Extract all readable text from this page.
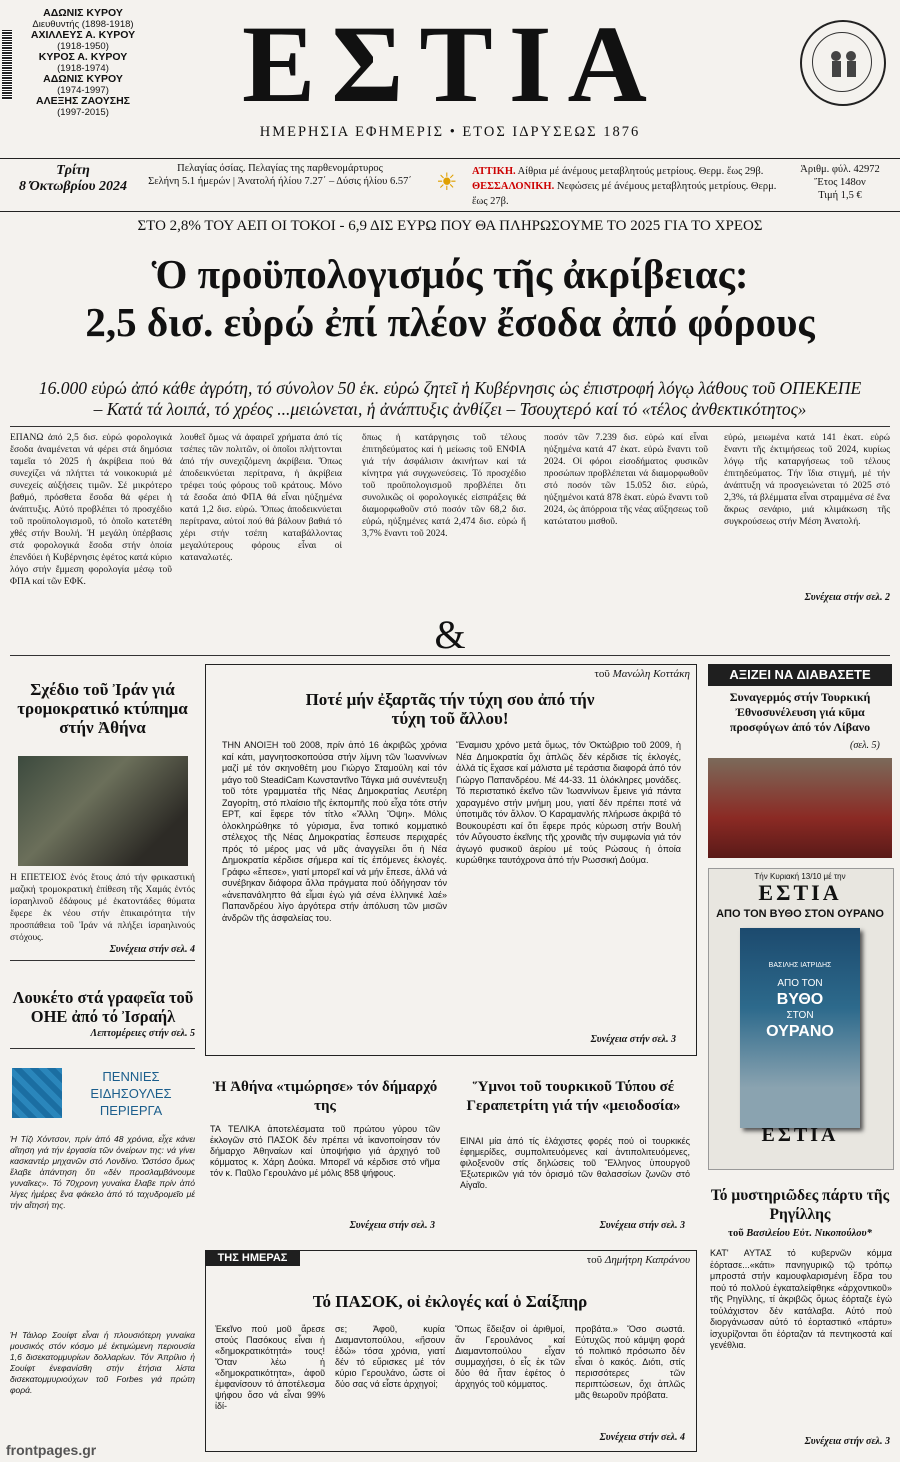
ΑΔΩΝΙΣ ΚΥΡΟΥ
Διευθυντής (1898-1918)
ΑΧΙΛΛΕΥΣ Α. ΚΥΡΟΥ
(1918-1950)
ΚΥΡΟΣ Α. ΚΥΡΟΥ
(1918-1974)
ΑΔΩΝΙΣ ΚΥΡΟΥ
(1974-1997)
ΑΛΕΞΗΣ ΖΑΟΥΣΗΣ
(1997-2015)	ΕΣΤΙΑ
ΗΜΕΡΗΣΙΑ ΕΦΗΜΕΡΙΣ • ΕΤΟΣ ΙΔΡΥΣΕΩΣ 1876
Τρίτη
8 Όκτωβρίου 2024
Πελαγίας όσίας. Πελαγίας της παρθενομάρτυρος
Σελήνη 5.1 ήμερών | Ἀνατολή ήλίου 7.27΄ – Δύσις ήλίου 6.57΄	☀ ΑΤΤΙΚΗ. Αίθρια μέ άνέμους μεταβλητούς μετρίους. Θερμ. ἕως 29β.
ΘΕΣΣΑΛΟΝΙΚΗ. Νεφώσεις μέ άνέμους μεταβλητούς μετρίους. Θερμ. ἕως 27β.
Ἀριθμ. φύλ. 42972
Ἔτος 148ον
Τιμή 1,5 €
ΣΤΟ 2,8% ΤΟΥ ΑΕΠ ΟΙ ΤΟΚΟΙ - 6,9 ΔΙΣ ΕΥΡΩ ΠΟΥ ΘΑ ΠΛΗΡΩΣΟΥΜΕ ΤΟ 2025 ΓΙΑ ΤΟ ΧΡΕΟΣ
Ὁ προϋπολογισμός τῆς ἀκρίβειας:
2,5 δισ. εὐρώ ἐπί πλέον ἔσοδα ἀπό φόρους
16.000 εὐρώ ἀπό κάθε ἀγρότη, τό σύνολον 50 ἑκ. εὐρώ ζητεῖ ἡ Κυβέρνησις ὡς ἐπιστροφή λόγῳ λάθους τοῦ ΟΠΕΚΕΠΕ
– Κατά τά λοιπά, τό χρέος ...μειώνεται, ἡ ἀνάπτυξις ἀνθίζει – Τσουχτερό καί τό «τέλος ἀνθεκτικότητος»
ΕΠΑΝΩ ἀπό 2,5 δισ. εὐρώ φορολογικά ἔσοδα ἀναμένεται νά φέρει στά δημόσια ταμεῖα τό 2025 ἡ ἀκρίβεια πού θά συνεχίζει νά πλήττει τά νοικοκυριά μέ συνεχείς αὐξήσεις τιμῶν. Σέ μικρότερο βαθμό, πρόσθετα ἔσοδα θά φέρει ἡ ἀνάπτυξις. Αὐτό προβλέπει τό προσχέδιο τοῦ προϋπολογισμοῦ, τό ὁποῖο κατετέθη χθές στήν Βουλή. Ἡ μεγάλη ὑπέρβασις στά φορολογικά ἔσοδα στήν ὁποία ἐπενδύει ἡ Κυβέρνησις ἐφέτος κατά κύριο λόγο στήν ἔμμεση φορολογία μέσῳ τοῦ ΦΠΑ καί τῶν ΕΦΚ.
λουθεῖ ὅμως νά ἀφαιρεῖ χρήματα ἀπό τίς τσέπες τῶν πολιτῶν, οἱ ὁποῖοι πλήττονται ἀπό τήν συνεχιζόμενη ἀκρίβεια. Ὅπως ἀποδεικνύεται περίτρανα, ἡ ἀκρίβεια τρέφει τούς φόρους τοῦ κράτους. Μόνο τά ἔσοδα ἀπό ΦΠΑ θά εἶναι ηὐξημένα κατά 1,2 δισ. εὐρώ. Ὅπως ἀποδεικνύεται περίτρανα, αὐτοί πού θά βάλουν βαθιά τό χέρι στήν τσέπη καταβάλλοντας μεγαλύτερους φόρους εἶναι οἱ καταναλωτές.
ὅπως ἡ κατάργησις τοῦ τέλους ἐπιτηδεύματος καί ἡ μείωσις τοῦ ΕΝΦΙΑ γιά τήν ἀσφάλισιν ἀκινήτων καί τά κίνητρα γιά συγχωνεύσεις. Τό προσχέδιο τοῦ προϋπολογισμοῦ προβλέπει ὅτι συνολικῶς οἱ φορολογικές εἰσπράξεις θά διαμορφωθοῦν στό ποσόν τῶν 68,2 δισ. εὐρώ, ηὐξημένες κατά 2,474 δισ. εὐρώ ἤ 3,7% ἔναντι τοῦ 2024.
ποσόν τῶν 7.239 δισ. εὐρώ καί εἶναι ηὐξημένα κατά 47 ἑκατ. εὐρώ ἔναντι τοῦ 2024. Οἱ φόροι εἰσοδήματος φυσικῶν προσώπων προβλέπεται νά διαμορφωθοῦν στό ποσόν τῶν 15.052 δισ. εὐρώ, ηὐξημένοι κατά 878 ἑκατ. εὐρώ ἔναντι τοῦ 2024, ὡς ἀπόρροια τῆς νέας αὔξησεως τοῦ κατώτατου μισθοῦ.
εὐρώ, μειωμένα κατά 141 ἑκατ. εὐρώ ἔναντι τῆς ἐκτιμήσεως τοῦ 2024, κυρίως λόγῳ τῆς καταργήσεως τοῦ τέλους ἐπιτηδεύματος. Τήν ἴδια στιγμή, μέ τήν ἀνάπτυξη νά προσγειώνεται τό 2025 στό 2,3%, τά βλέμματα εἶναι στραμμένα σέ ἕνα ἄκρως σενάριο, μιά κλιμάκωση τῆς συγκρούσεως στήν Μέση Ἀνατολή.
Συνέχεια στήν σελ. 2
&
Σχέδιο τοῦ Ἰράν γιά τρομοκρατικό κτύπημα στήν Ἀθήνα
Η ΕΠΕΤΕΙΟΣ ἑνός ἔτους ἀπό τήν φρικαστική μαζική τρομοκρατική ἐπίθεση τῆς Χαμάς ἐντός ἰσραηλινοῦ ἐδάφους μέ ἑκατοντάδες θύματα ἔφερε ἐκ νέου στήν ἐπικαιρότητα τήν προσπάθεια τοῦ Ἰράν νά πλήξει ἰσραηλινούς στόχους.
Συνέχεια στήν σελ. 4
Λουκέτο στά γραφεῖα τοῦ ΟΗΕ ἀπό τό Ἰσραήλ
Λεπτομέρειες στήν σελ. 5
ΠΕΝΝΙΕΣ
ΕΙΔΗΣΟΥΛΕΣ
ΠΕΡΙΕΡΓΑ
Ἡ Τίζι Χόντσον, πρίν ἀπό 48 χρόνια, εἶχε κάνει αἴτηση γιά τήν ἐργασία τῶν ὀνείρων της: νά γίνει κασκαντέρ μηχανῶν στό Λονδίνο. Ὡστόσο ὅμως ἔλαβε ἀπάντηση ὅτι «δέν προσλαμβάνουμε γυναῖκες». Τό 70χρονη γυναίκα ἔλαβε πρίν ἀπό λίγες ἡμέρες ἕνα φάκελο ἀπό τό ταχυδρομεῖο μέ τήν αἴτησή της.
Ἡ Τάιλορ Σουίφτ εἶναι ἡ πλουσιότερη γυναίκα μουσικός στόν κόσμο μέ ἐκτιμώμενη περιουσία 1,6 δισεκατομμυρίων δολλαρίων. Τόν Ἀπρίλιο ἡ Σουίφτ ἐνεφανίσθη στήν ἐτήσια λίστα δισεκατομμυριούχων τοῦ Forbes γιά πρώτη φορά.
τοῦ Μανώλη Κοττάκη
Ποτέ μήν ἐξαρτᾶς τήν τύχη σου ἀπό τήν τύχη τοῦ ἄλλου!
ΤΗΝ ΑΝΟΙΞΗ τοῦ 2008, πρίν ἀπό 16 ἀκριβῶς χρόνια καί κάτι, μαγνητοσκοπούσα στήν λίμνη τῶν Ἰωαννίνων μαζί μέ τόν σκηνοθέτη μου Γιώργο Σταμούλη καί τόν μάγο τοῦ SteadiCam Κωνσταντῖνο Τάγκα μιά συνέντευξη τοῦ τότε γραμματέα τῆς Νέας Δημοκρατίας Λευτέρη Ζαγορίτη, στό πλαίσιο τῆς ἐκπομπῆς πού εἶχα τότε στήν ΕΡΤ, καί ἔφερε τόν τίτλο «Ἄλλη Ὄψη». Μόλις ὁλοκληρώθηκε τό γύρισμα, ἕνα τοπικό κομματικό στέλεχος τῆς Νέας Δημοκρατίας ἔσπευσε περιχαρές πρός τό μέρος μας νά μᾶς ἀναγγείλει ὅτι ἡ Νέα Δημοκρατία κέρδισε σήμερα καί τίς ἑπόμενες ἐκλογές. Γράφω «ἔπεσε», γιατί μπορεῖ καί νά μήν ἔπεσε, ἀλλά νά συνέβηκαν διάφορα ἄλλα πράγματα πού ὁδήγησαν τόν «ἀνεπανάληπτο θά εἶμαι ἐγώ γιά σένα ἑλληνικέ λαέ» Παπανδρέου λίγο ἀργότερα στήν ἀπόλυση τῶν μισῶν ἀνδρῶν τῆς ἀσφαλείας του.
Ἕναμισυ χρόνο μετά ὅμως, τόν Ὀκτώβριο τοῦ 2009, ἡ Νέα Δημοκρατία ὄχι ἁπλῶς δέν κέρδισε τίς ἐκλογές, ἀλλά τίς ἔχασε καί μάλιστα μέ τεράστια διαφορά ἀπό τόν Γιώργο Παπανδρέου. Μέ 44-33. 11 ὁλόκληρες μονάδες. Τό περιστατικό ἐκεῖνο τῶν Ἰωαννίνων ἔμεινε γιά πάντα χαραγμένο στήν μνήμη μου, γιατί δέν πρέπει ποτέ νά ὑποτιμᾶς τόν ἄλλον. Ὁ Καραμανλής πλήρωσε ἀκριβά τό Βουκουρέστι καί ὅτι ἔφερε πρός κύρωση στήν Βουλή τόν Αὔγουστο ἐκεῖνης τῆς χρονιᾶς τήν συμφωνία γιά τόν ἀγωγό φυσικοῦ ἀερίου μέ τούς Ρώσους ἡ ὁποία κυρώθηκε ταυτόχρονα ἀπό τήν Ρωσσική Δούμα.
Συνέχεια στήν σελ. 3
ΑΞΙΖΕΙ ΝΑ ΔΙΑΒΑΣΕΤΕ
Συναγερμός στήν Τουρκική Ἐθνοσυνέλευση γιά κῦμα προσφύγων ἀπό τόν Λίβανο
(σελ. 5)
Τήν Κυριακή 13/10 μέ την
ΕΣΤΙΑ
ΑΠΟ ΤΟΝ ΒΥΘΟ ΣΤΟΝ ΟΥΡΑΝΟ
ΒΑΣΙΛΗΣ ΙΑΤΡΙΔΗΣ
ΑΠΟ ΤΟΝ
ΒΥΘΟ
ΣΤΟΝ
ΟΥΡΑΝΟ
ΕΣΤΙΑ
Ἡ Ἀθήνα «τιμώρησε» τόν δήμαρχό της
ΤΑ ΤΕΛΙΚΑ ἀποτελέσματα τοῦ πρώτου γύρου τῶν ἐκλογῶν στό ΠΑΣΟΚ δέν πρέπει νά ἱκανοποίησαν τόν δήμαρχο Ἀθηναίων καί ὑποψήφιο γιά ἀρχηγό τοῦ κόμματος κ. Χάρη Δούκα. Μπορεῖ νά κέρδισε στό νῆμα τόν κ. Παῦλο Γερουλάνο μέ μόλις 858 ψήφους.
Συνέχεια στήν σελ. 3
Ὕμνοι τοῦ τουρκικοῦ Τύπου σέ Γεραπετρίτη γιά τήν «μειοδοσία»
ΕΙΝΑΙ μία ἀπό τίς ἐλάχιστες φορές πού οἱ τουρκικές ἐφημερίδες, συμπολιτευόμενες καί ἀντιπολιτευόμενες, φιλοξενοῦν στίς δηλώσεις τοῦ Ἕλληνος ὑπουργοῦ Ἐξωτερικῶν γιά τόν ὁρισμό τῶν θαλασσίων ζωνῶν στό Αἰγαῖο.
Συνέχεια στήν σελ. 3
ΤΗΣ ΗΜΕΡΑΣ	τοῦ Δημήτρη Καπράνου
Τό ΠΑΣΟΚ, οἱ ἐκλογές καί ὁ Σαίξπηρ
Ἐκεῖνο πού μοῦ ἄρεσε στούς Πασόκους εἶναι ἡ «δημοκρατικότητά» τους! Ὅταν λέω ἡ «δημοκρατικότητα», ἀφοῦ ἐμφανίσουν τό ἀποτέλεσμα ψήφου ὅσο νά εἶναι 99% ἰδί-
σε; Ἀφοῦ, κυρία Διαμαντοπούλου, «ἤσουν ἐδώ» τόσα χρόνια, γιατί δέν τό εὕρισκες μέ τόν κύριο Γερουλάνο, ὥστε οἱ δύο σας νά εἶστε ἀρχηγοί;
Ὅπως ἔδειξαν οἱ ἀριθμοί, ἄν Γερουλάνος καί Διαμαντοπούλου εἶχαν συμμαχήσει, ὁ εἷς ἐκ τῶν δύο θά ἦταν ἐφέτος ὁ ἀρχηγός τοῦ κόμματος.
προβάτα.» Ὄσο σωστά. Εὐτυχῶς πού κάμψη φορά τό πολιτικό πρόσωπο δέν εἶναι ὁ κακός. Διότι, στίς περισσότερες τῶν περιπτώσεων, ὄχι ἁπλῶς μᾶς θεωροῦν πρόβατα.
Συνέχεια στήν σελ. 4
Τό μυστηριῶδες πάρτυ τῆς Ρηγίλλης
τοῦ Βασιλείου Εὐτ. Νικοπούλου*
ΚΑΤ' ΑΥΤΑΣ τό κυβερνῶν κόμμα ἑόρτασε...«κάτι» πανηγυρικῷ τῷ τρόπῳ μπροστά στήν καμουφλαρισμένη ἔδρα του πού τό πολλού ἐγκαταλείφθηκε «ἀρχοντικοῦ» τῆς Ρηγίλλης, τί ἀκριβῶς ὅμως ἑόρταζε ἐγώ τοὐλάχιστον δέν κατάλαβα. Αὐτό πού διοργάνωσαν αὐτό τό ἑορταστικό «πάρτυ» ἰσχυρίζονται ὅτι ἑόρταζαν τά πεντηκοστά καί γενέθλια.
Συνέχεια στήν σελ. 3
frontpages.gr
